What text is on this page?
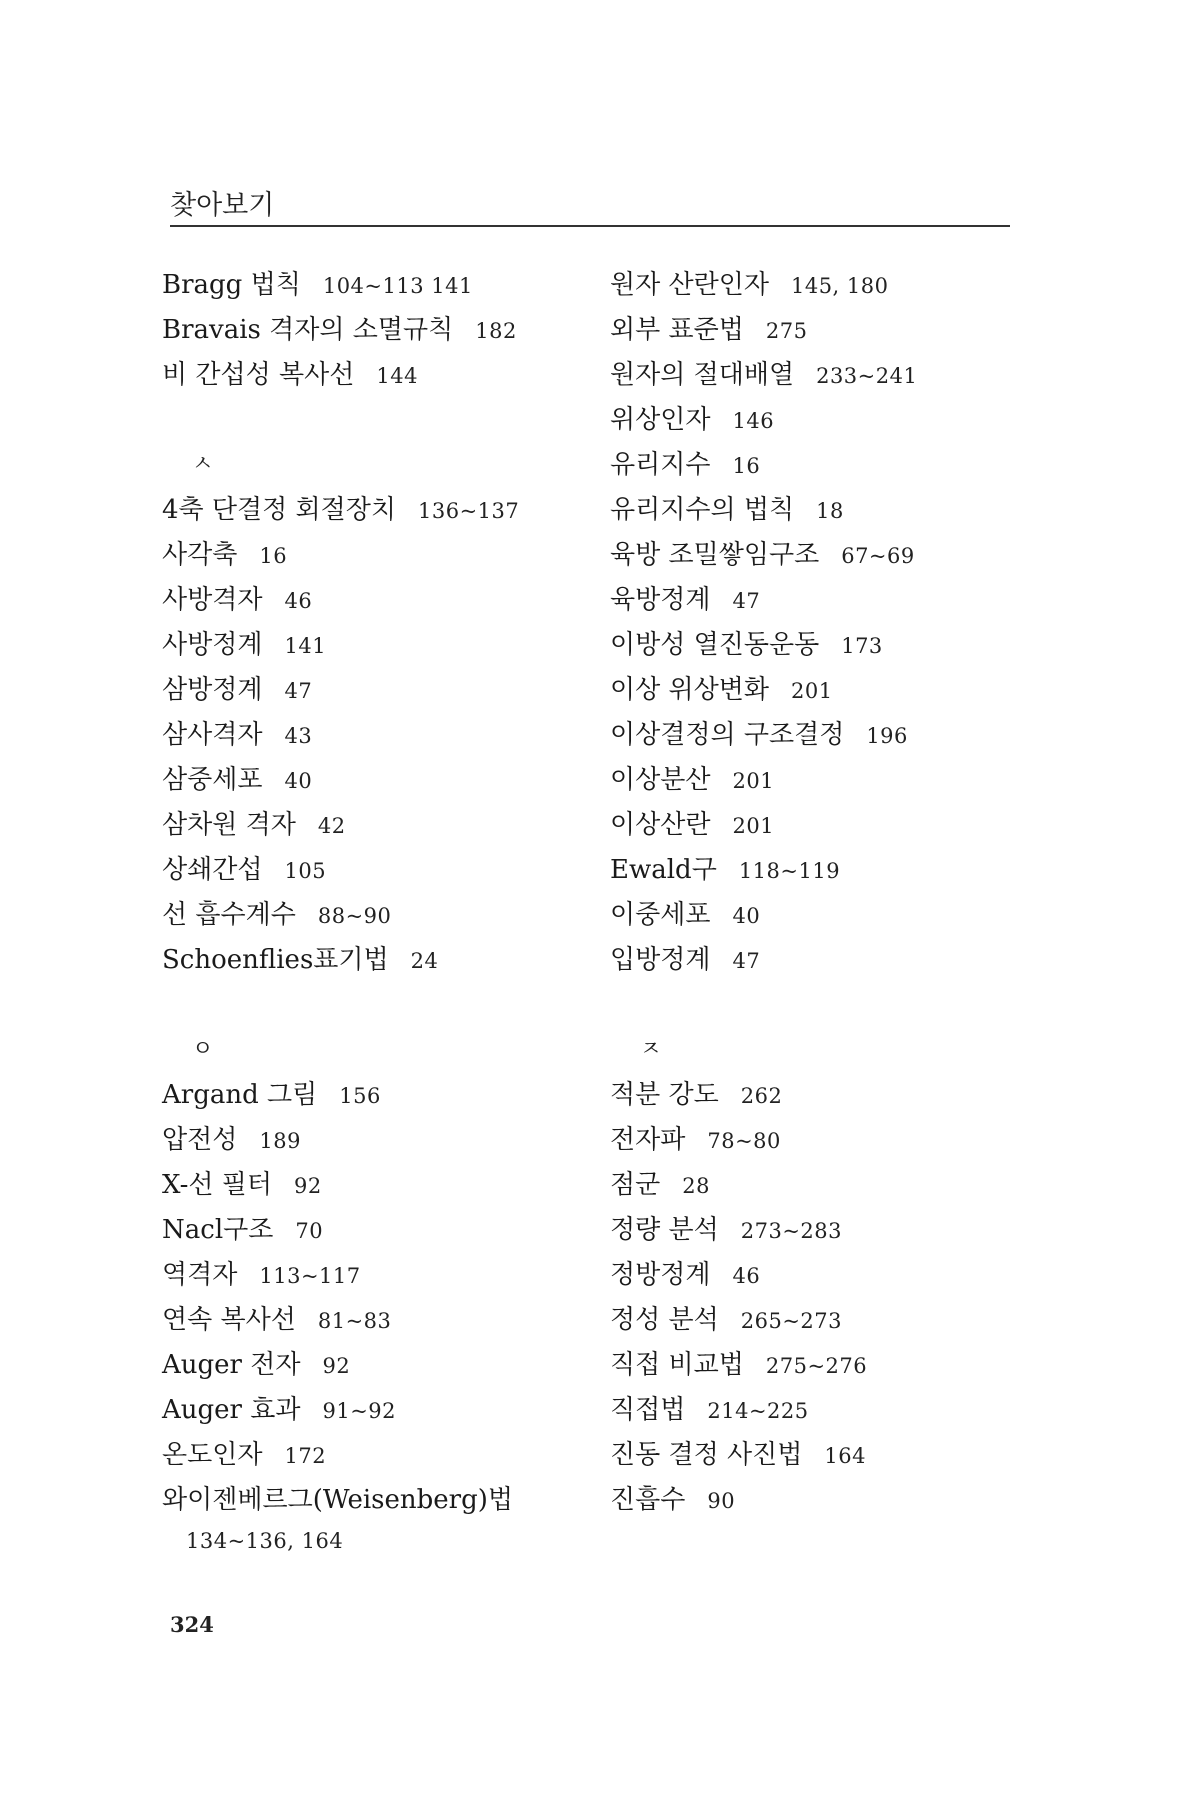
찾아보기
Bragg 법칙 104~113 141
Bravais 격자의 소멸규칙 182
비 간섭성 복사선 144
ㅅ
4축 단결정 회절장치 136~137
사각축 16
사방격자 46
사방정계 141
삼방정계 47
삼사격자 43
삼중세포 40
삼차원 격자 42
상쇄간섭 105
선 흡수계수 88~90
Schoenflies표기법 24
ㅇ
Argand 그림 156
압전성 189
X-선 필터 92
Nacl구조 70
역격자 113~117
연속 복사선 81~83
Auger 전자 92
Auger 효과 91~92
온도인자 172
와이젠베르그(Weisenberg)법
134~136, 164
원자 산란인자 145, 180
외부 표준법 275
원자의 절대배열 233~241
위상인자 146
유리지수 16
유리지수의 법칙 18
육방 조밀쌓임구조 67~69
육방정계 47
이방성 열진동운동 173
이상 위상변화 201
이상결정의 구조결정 196
이상분산 201
이상산란 201
Ewald구 118~119
이중세포 40
입방정계 47
ㅈ
적분 강도 262
전자파 78~80
점군 28
정량 분석 273~283
정방정계 46
정성 분석 265~273
직접 비교법 275~276
직접법 214~225
진동 결정 사진법 164
진흡수 90
324
